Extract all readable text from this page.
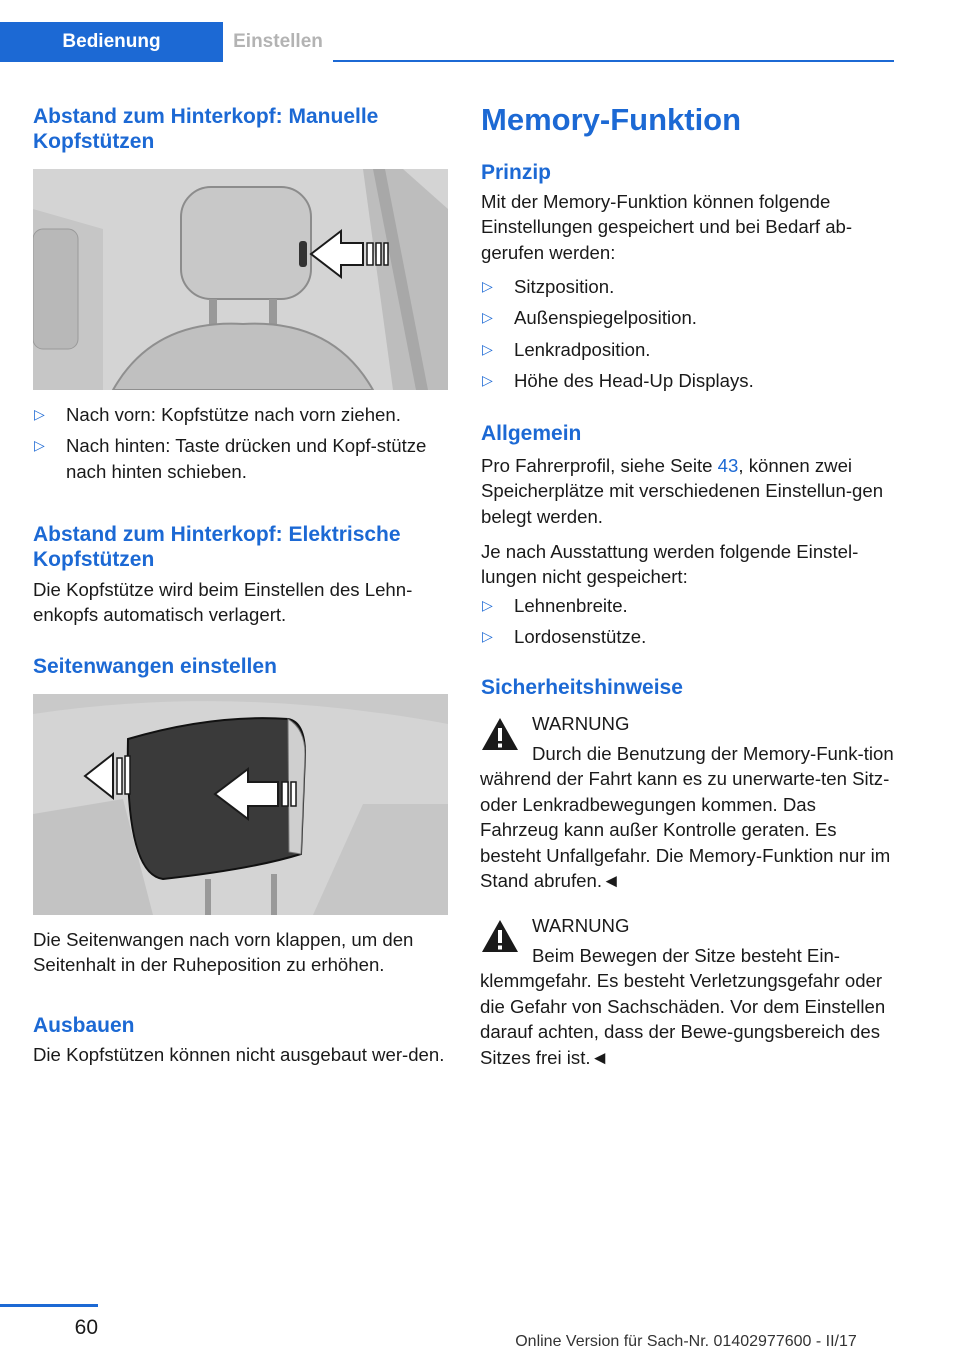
Bedienung	Einstellen
Abstand zum Hinterkopf: Manuelle Kopfstützen
▷ Nach vorn: Kopfstütze nach vorn ziehen.
▷ Nach hinten: Taste drücken und Kopf-stütze nach hinten schieben.
Abstand zum Hinterkopf: Elektrische Kopfstützen

Die Kopfstütze wird beim Einstellen des Lehn-enkopfs automatisch verlagert.

Seitenwangen einstellen

Die Seitenwangen nach vorn klappen, um den Seitenhalt in der Ruheposition zu erhöhen.

Ausbauen

Die Kopfstützen können nicht ausgebaut wer-den.

Memory-Funktion
Prinzip

Mit der Memory-Funktion können folgende Einstellungen gespeichert und bei Bedarf ab-gerufen werden:

▷ Sitzposition.
▷ Außenspiegelposition.
▷ Lenkradposition.
▷ Höhe des Head-Up Displays.
Allgemein

Pro Fahrerprofil, siehe Seite 43, können zwei Speicherplätze mit verschiedenen Einstellun-gen belegt werden.

Je nach Ausstattung werden folgende Einstel-lungen nicht gespeichert:

▷ Lehnenbreite.
▷ Lordosenstütze.
Sicherheitshinweise

WARNUNG

Durch die Benutzung der Memory-Funk-tion während der Fahrt kann es zu unerwarte-ten Sitz- oder Lenkradbewegungen kommen. Das Fahrzeug kann außer Kontrolle geraten. Es besteht Unfallgefahr. Die Memory-Funktion nur im Stand abrufen.◄

WARNUNG

Beim Bewegen der Sitze besteht Ein-klemmgefahr. Es besteht Verletzungsgefahr oder die Gefahr von Sachschäden. Vor dem Einstellen darauf achten, dass der Bewe-gungsbereich des Sitzes frei ist.◄
60
Online Version für Sach-Nr. 01402977600 - II/17
